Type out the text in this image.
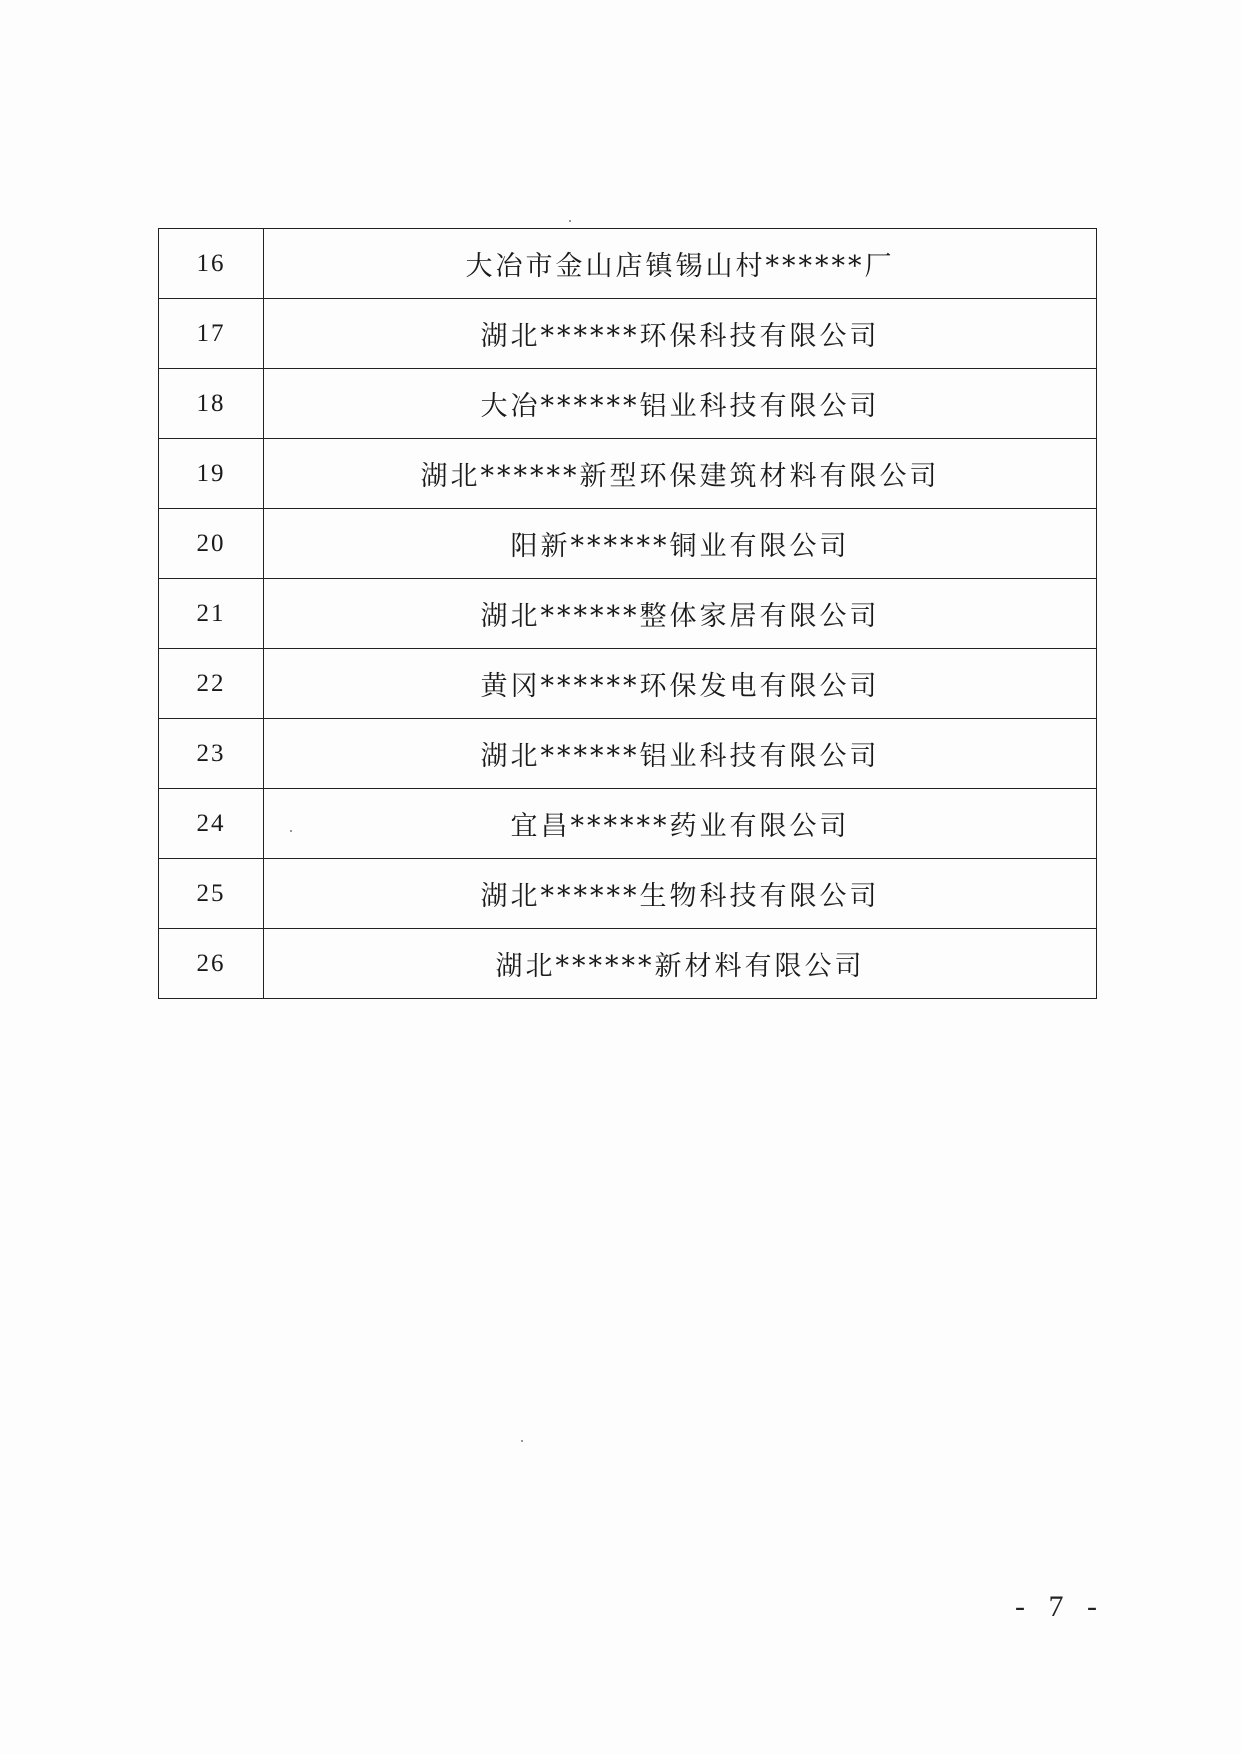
16	大冶市金山店镇锡山村******厂
17	湖北******环保科技有限公司
18	大冶******铝业科技有限公司
19	湖北******新型环保建筑材料有限公司
20	阳新******铜业有限公司
21	湖北******整体家居有限公司
22	黄冈******环保发电有限公司
23	湖北******铝业科技有限公司
24	宜昌******药业有限公司
25	湖北******生物科技有限公司
26	湖北******新材料有限公司
- 7 -
